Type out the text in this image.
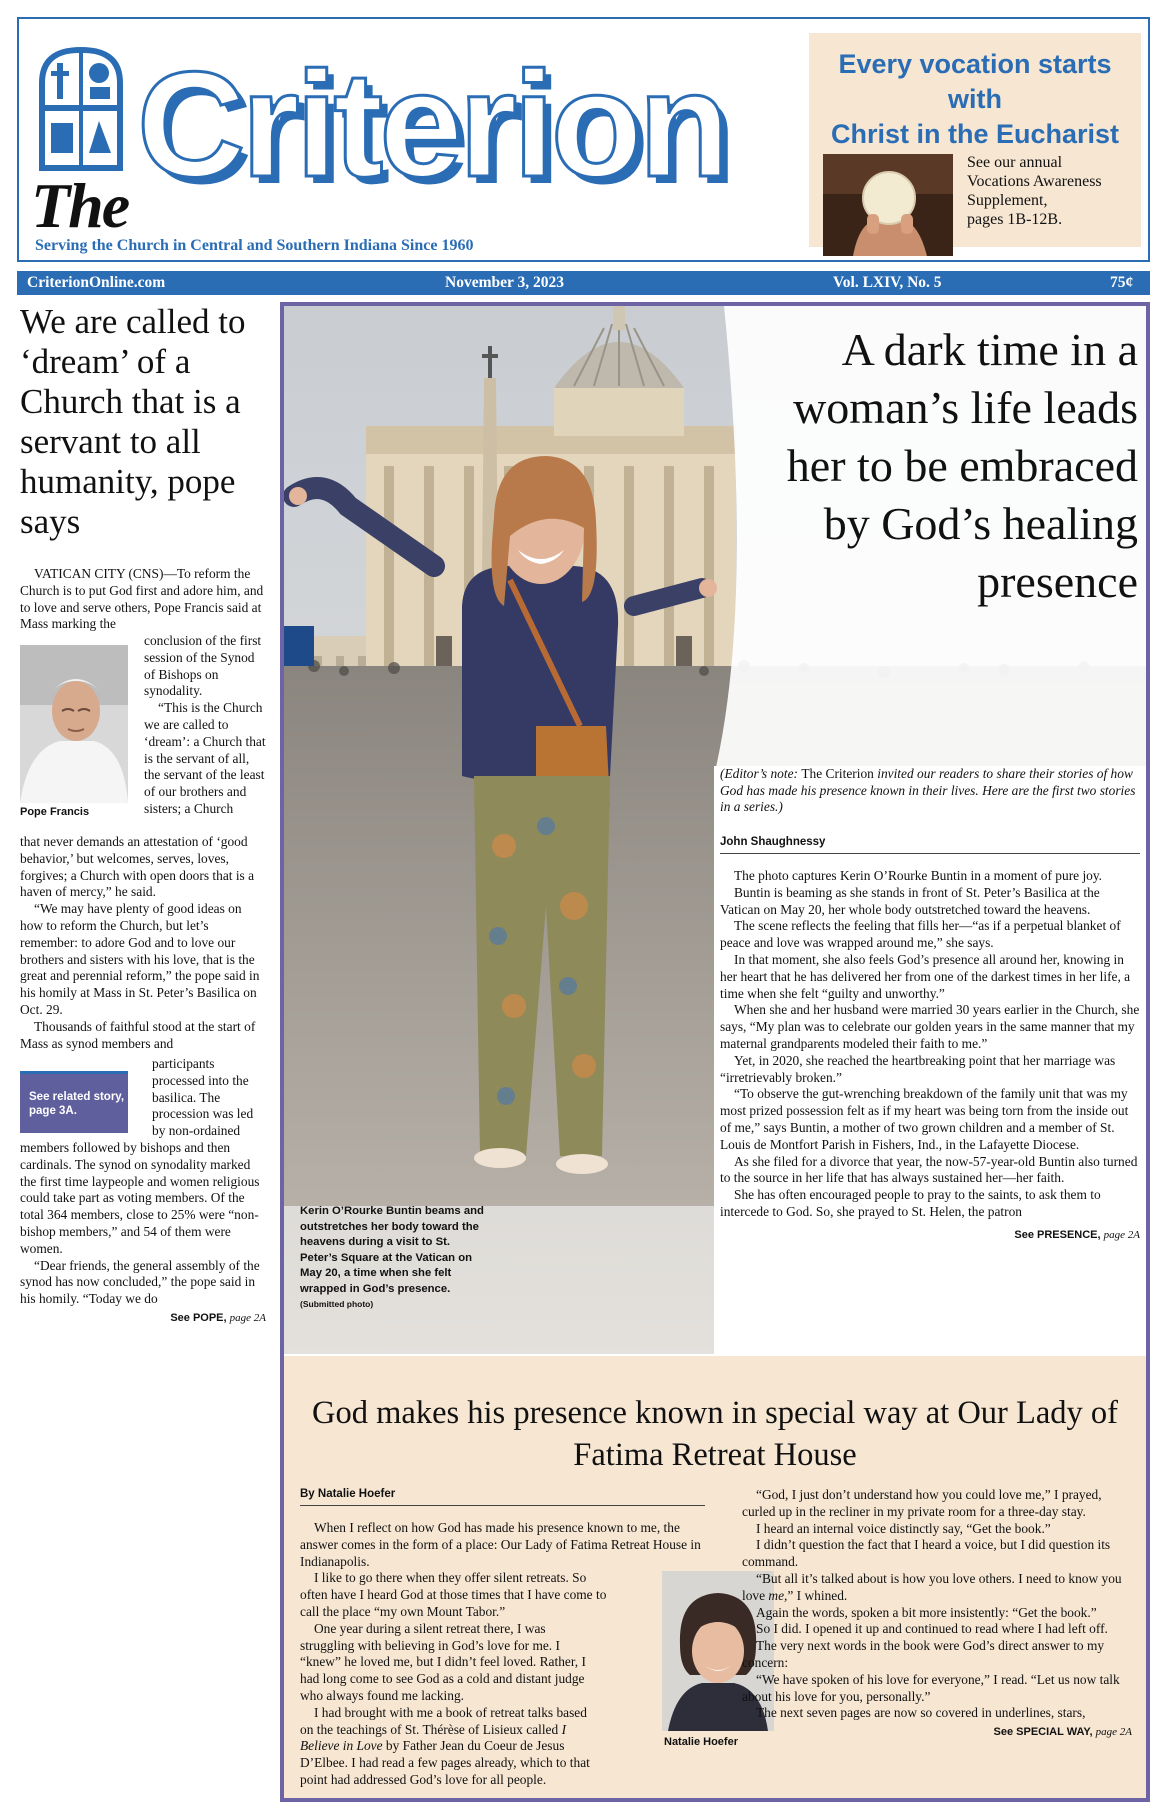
The Criterion
Serving the Church in Central and Southern Indiana Since 1960
Every vocation starts with
Christ in the Eucharist
See our annual
Vocations Awareness
Supplement,
pages 1B-12B.
CriterionOnline.com	November 3, 2023	Vol. LXIV, No. 5	75¢
We are called to ‘dream’ of a Church that is a servant to all humanity, pope says

VATICAN CITY (CNS)—To reform the Church is to put God first and adore him, and to love and serve others, Pope Francis said at Mass marking the

Pope Francis
conclusion of the first session of the Synod of Bishops on synodality.

“This is the Church we are called to ‘dream’: a Church that is the servant of all, the servant of the least of our brothers and sisters; a Church

that never demands an attestation of ‘good behavior,’ but welcomes, serves, loves, forgives; a Church with open doors that is a haven of mercy,” he said.

“We may have plenty of good ideas on how to reform the Church, but let’s remember: to adore God and to love our brothers and sisters with his love, that is the great and perennial reform,” the pope said in his homily at Mass in St. Peter’s Basilica on Oct. 29.

Thousands of faithful stood at the start of Mass as synod members and

See related story, page 3A.
participants processed into the basilica. The procession was led by non-ordained
members followed by bishops and then cardinals. The synod on synodality marked the first time laypeople and women religious could take part as voting members. Of the total 364 members, close to 25% were “non-bishop members,” and 54 of them were women.

“Dear friends, the general assembly of the synod has now concluded,” the pope said in his homily. “Today we do

See POPE, page 2A
A dark time in a woman’s life leads her to be embraced by God’s healing presence
(Editor’s note: The Criterion invited our readers to share their stories of how God has made his presence known in their lives. Here are the first two stories in a series.)
John Shaughnessy

The photo captures Kerin O’Rourke Buntin in a moment of pure joy.

Buntin is beaming as she stands in front of St. Peter’s Basilica at the Vatican on May 20, her whole body outstretched toward the heavens.

The scene reflects the feeling that fills her—“as if a perpetual blanket of peace and love was wrapped around me,” she says.

In that moment, she also feels God’s presence all around her, knowing in her heart that he has delivered her from one of the darkest times in her life, a time when she felt “guilty and unworthy.”

When she and her husband were married 30 years earlier in the Church, she says, “My plan was to celebrate our golden years in the same manner that my maternal grandparents modeled their faith to me.”

Yet, in 2020, she reached the heartbreaking point that her marriage was “irretrievably broken.”

“To observe the gut-wrenching breakdown of the family unit that was my most prized possession felt as if my heart was being torn from the inside out of me,” says Buntin, a mother of two grown children and a member of St. Louis de Montfort Parish in Fishers, Ind., in the Lafayette Diocese.

As she filed for a divorce that year, the now-57-year-old Buntin also turned to the source in her life that has always sustained her—her faith.

She has often encouraged people to pray to the saints, to ask them to intercede to God. So, she prayed to St. Helen, the patron

See PRESENCE, page 2A
Kerin O’Rourke Buntin beams and outstretches her body toward the heavens during a visit to St. Peter’s Square at the Vatican on May 20, a time when she felt wrapped in God’s presence.
(Submitted photo)
God makes his presence known in special way at Our Lady of Fatima Retreat House
By Natalie Hoefer

When I reflect on how God has made his presence known to me, the answer comes in the form of a place: Our Lady of Fatima Retreat House in Indianapolis.

I like to go there when they offer silent retreats. So often have I heard God at those times that I have come to call the place “my own Mount Tabor.”

One year during a silent retreat there, I was struggling with believing in God’s love for me. I “knew” he loved me, but I didn’t feel loved. Rather, I had long come to see God as a cold and distant judge who always found me lacking.

I had brought with me a book of retreat talks based on the teachings of St. Thérèse of Lisieux called I Believe in Love by Father Jean du Coeur de Jesus D’Elbee. I had read a few pages already, which to that point had addressed God’s love for all people.

Natalie Hoefer

“God, I just don’t understand how you could love me,” I prayed, curled up in the recliner in my private room for a three-day stay.

I heard an internal voice distinctly say, “Get the book.”

I didn’t question the fact that I heard a voice, but I did question its command.

“But all it’s talked about is how you love others. I need to know you love me,” I whined.

Again the words, spoken a bit more insistently: “Get the book.”

So I did. I opened it up and continued to read where I had left off.

The very next words in the book were God’s direct answer to my concern:

“We have spoken of his love for everyone,” I read. “Let us now talk about his love for you, personally.”

The next seven pages are now so covered in underlines, stars,

See SPECIAL WAY, page 2A
